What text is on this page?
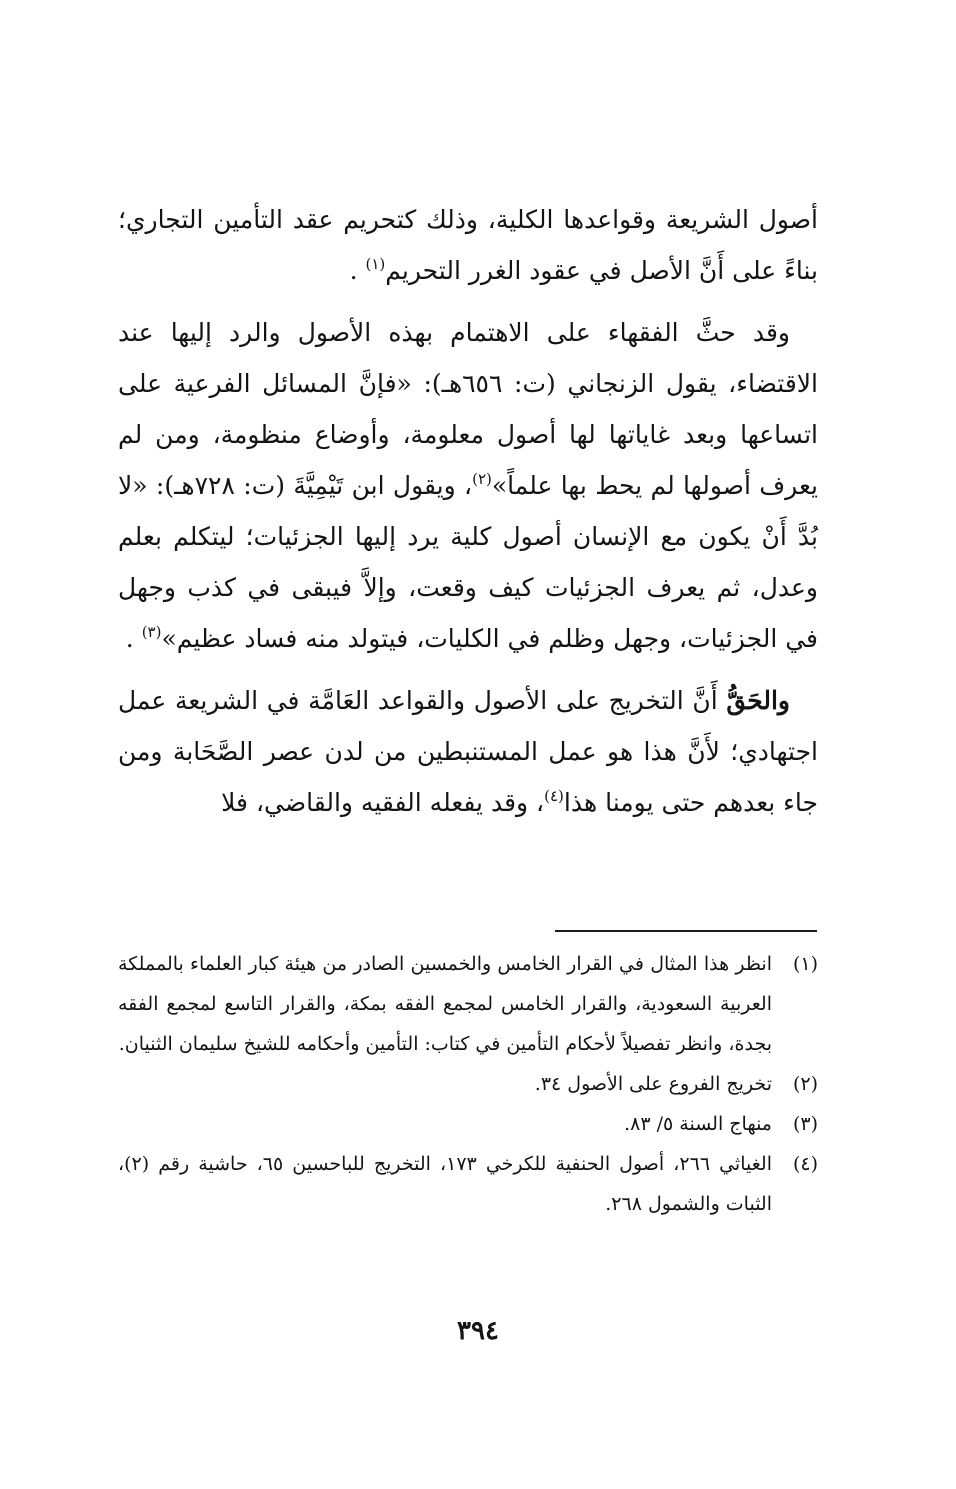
أصول الشريعة وقواعدها الكلية، وذلك كتحريم عقد التأمين التجاري؛ بناءً على أَنَّ الأصل في عقود الغرر التحريم$^{(١)}$ .

وقد حثَّ الفقهاء على الاهتمام بهذه الأصول والرد إليها عند الاقتضاء، يقول الزنجاني (ت: ٦٥٦هـ): «فإنَّ المسائل الفرعية على اتساعها وبعد غاياتها لها أصول معلومة، وأوضاع منظومة، ومن لم يعرف أصولها لم يحط بها علماً»$^{(٢)}$، ويقول ابن تَيْمِيَّةَ (ت: ٧٢٨هـ): «لا بُدَّ أَنْ يكون مع الإنسان أصول كلية يرد إليها الجزئيات؛ ليتكلم بعلم وعدل، ثم يعرف الجزئيات كيف وقعت، وإلاَّ فيبقى في كذب وجهل في الجزئيات، وجهل وظلم في الكليات، فيتولد منه فساد عظيم»$^{(٣)}$ .

والحَقُّ أَنَّ التخريج على الأصول والقواعد العَامَّة في الشريعة عمل اجتهادي؛ لأَنَّ هذا هو عمل المستنبطين من لدن عصر الصَّحَابة ومن جاء بعدهم حتى يومنا هذا$^{(٤)}$، وقد يفعله الفقيه والقاضي، فلا

(١)
انظر هذا المثال في القرار الخامس والخمسين الصادر من هيئة كبار العلماء بالمملكة العربية السعودية، والقرار الخامس لمجمع الفقه بمكة، والقرار التاسع لمجمع الفقه بجدة، وانظر تفصيلاً لأحكام التأمين في كتاب: التأمين وأحكامه للشيخ سليمان الثنيان.
(٢)
تخريج الفروع على الأصول ٣٤.
(٣)
منهاج السنة ٥/ ٨٣.
(٤)
الغياثي ٢٦٦، أصول الحنفية للكرخي ١٧٣، التخريج للباحسين ٦٥، حاشية رقم (٢)، الثبات والشمول ٢٦٨.
٣٩٤
